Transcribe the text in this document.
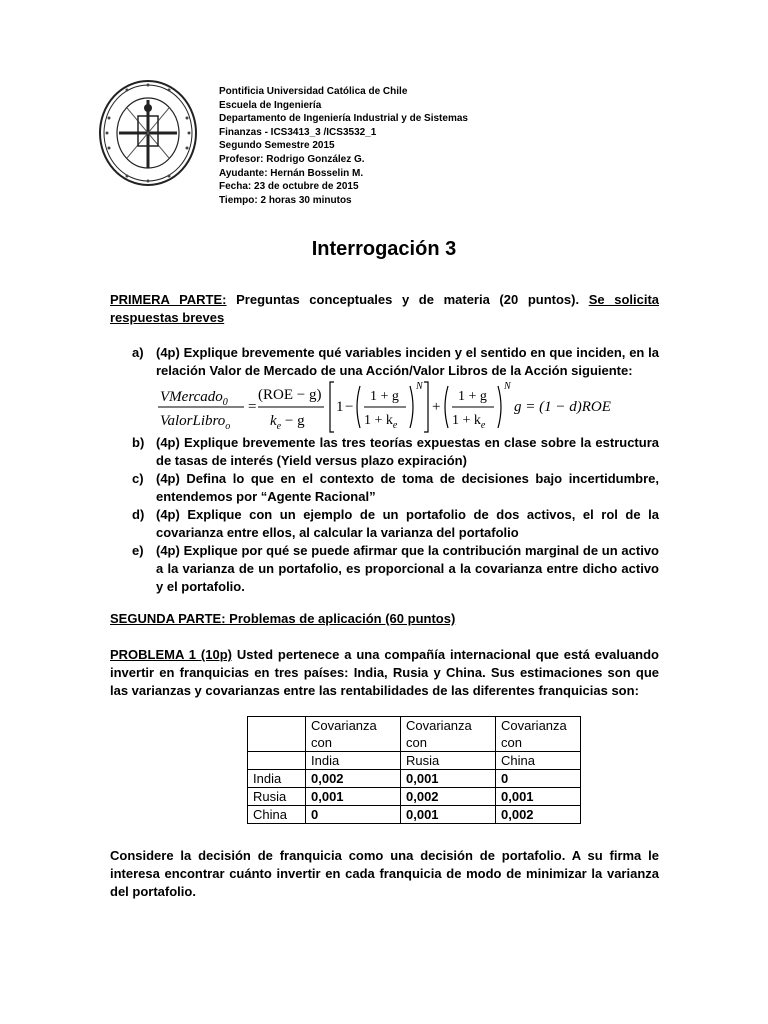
Pontificia Universidad Católica de Chile
Escuela de Ingeniería
Departamento de Ingeniería Industrial y de Sistemas
Finanzas - ICS3413_3 /ICS3532_1
Segundo Semestre 2015
Profesor: Rodrigo González G.
Ayudante: Hernán Bosselin M.
Fecha: 23 de octubre de 2015
Tiempo: 2 horas 30 minutos
Interrogación 3
PRIMERA PARTE: Preguntas conceptuales y de materia (20 puntos). Se solicita respuestas breves
a) (4p) Explique brevemente qué variables inciden y el sentido en que inciden, en la relación Valor de Mercado de una Acción/Valor Libros de la Acción siguiente:
b) (4p) Explique brevemente las tres teorías expuestas en clase sobre la estructura de tasas de interés (Yield versus plazo expiración)
c) (4p) Defina lo que en el contexto de toma de decisiones bajo incertidumbre, entendemos por “Agente Racional”
d) (4p) Explique con un ejemplo de un portafolio de dos activos, el rol de la covarianza entre ellos, al calcular la varianza del portafolio
e) (4p) Explique por qué se puede afirmar que la contribución marginal de un activo a la varianza de un portafolio, es proporcional a la covarianza entre dicho activo y el portafolio.
VMercado$_0$
ValorLibro$_o$
=
(ROE − g)
$k_e - g$
1 −
1 + g
$1 + k_e$
N
+
1 + g
$1 + k_e$
N
g = (1 − d)ROE
SEGUNDA PARTE: Problemas de aplicación (60 puntos)
PROBLEMA 1 (10p) Usted pertenece a una compañía internacional que está evaluando invertir en franquicias en tres países: India, Rusia y China. Sus estimaciones son que las varianzas y covarianzas entre las rentabilidades de las diferentes franquicias son:
	Covarianza
con	Covarianza
con	Covarianza
con
	India	Rusia	China
India	0,002	0,001	0
Rusia	0,001	0,002	0,001
China	0	0,001	0,002
Considere la decisión de franquicia como una decisión de portafolio. A su firma le interesa encontrar cuánto invertir en cada franquicia de modo de minimizar la varianza del portafolio.
